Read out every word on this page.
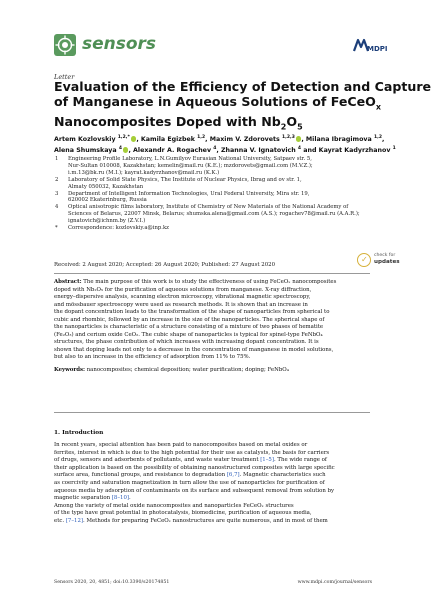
sensors	MDPI
Letter
Evaluation of the Efficiency of Detection and Capture
of Manganese in Aqueous Solutions of FeCeO$_x$
Nanocomposites Doped with $Nb_2O_5$
Artem Kozlovskiy $^{1,2,*}$ , Kamila Egizbek $^{1,2}$, Maxim V. Zdorovets $^{1,2,3}$ , Milana Ibragimova $^{1,2}$,
Alena Shumskaya $^4$ , Alexandr A. Rogachev $^4$, Zhanna V. Ignatovich $^4$ and Kayrat Kadyrzhanov $^1$
1 Engineering Profile Laboratory, L.N.Gumilyov Eurasian National University, Satpaev str. 5,
Nur-Sultan 010008, Kazakhstan; kemelin@mail.ru (K.E.); mzdorovets@gmail.com (M.V.Z.);
i.m.13@bk.ru (M.I.); kayrat.kadyrzhanov@mail.ru (K.K.)
2 Laboratory of Solid State Physics, The Institute of Nuclear Physics, Ibrag and ov str. 1,
Almaty 050032, Kazakhstan
3 Department of Intelligent Information Technologies, Ural Federal University, Mira str. 19,
620002 Ekaterinburg, Russia
4 Optical anisotropic films laboratory, Institute of Chemistry of New Materials of the National Academy of
Sciences of Belarus, 22007 Minsk, Belarus; shumska.alena@gmail.com (A.S.); rogachev78@mail.ru (A.A.R.);
ignatovich@ichnm.by (Z.V.I.)
* Correspondence: kozlovskiy.a@inp.kz
Received: 2 August 2020; Accepted: 26 August 2020; Published: 27 August 2020
✓ check for
updates
Abstract: The main purpose of this work is to study the effectiveness of using FeCeOₓ nanocomposites
doped with Nb₂O₅ for the purification of aqueous solutions from manganese. X-ray diffraction,
energy–dispersive analysis, scanning electron microscopy, vibrational magnetic spectroscopy,
and mössbauer spectroscopy were used as research methods. It is shown that an increase in
the dopant concentration leads to the transformation of the shape of nanoparticles from spherical to
cubic and rhombic, followed by an increase in the size of the nanoparticles. The spherical shape of
the nanoparticles is characteristic of a structure consisting of a mixture of two phases of hematite
(Fe₂O₃) and cerium oxide CeO₂. The cubic shape of nanoparticles is typical for spinel-type FeNbO₄
structures, the phase contribution of which increases with increasing dopant concentration. It is
shown that doping leads not only to a decrease in the concentration of manganese in model solutions,
but also to an increase in the efficiency of adsorption from 11% to 75%.
Keywords: nanocomposites; chemical deposition; water purification; doping; FeNbO₄
1. Introduction
In recent years, special attention has been paid to nanocomposites based on metal oxides or
ferrites, interest in which is due to the high potential for their use as catalysts, the basis for carriers
of drugs, sensors and adsorbents of pollutants, and waste water treatment [1–5]. The wide range of
their application is based on the possibility of obtaining nanostructured composites with large specific
surface area, functional groups, and resistance to degradation [6,7]. Magnetic characteristics such
as coercivity and saturation magnetization in turn allow the use of nanoparticles for purification of
aqueous media by adsorption of contaminants on its surface and subsequent removal from solution by
magnetic separation [8–10].
Among the variety of metal oxide nanocomposites and nanoparticles FeCeOₓ structures
of the type have great potential in photocatalysis, biomedicine, purification of aqueous media,
etc. [7–12]. Methods for preparing FeCeOₓ nanostructures are quite numerous, and in most of them
Sensors 2020, 20, 4851; doi:10.3390/s20174851	www.mdpi.com/journal/sensors
